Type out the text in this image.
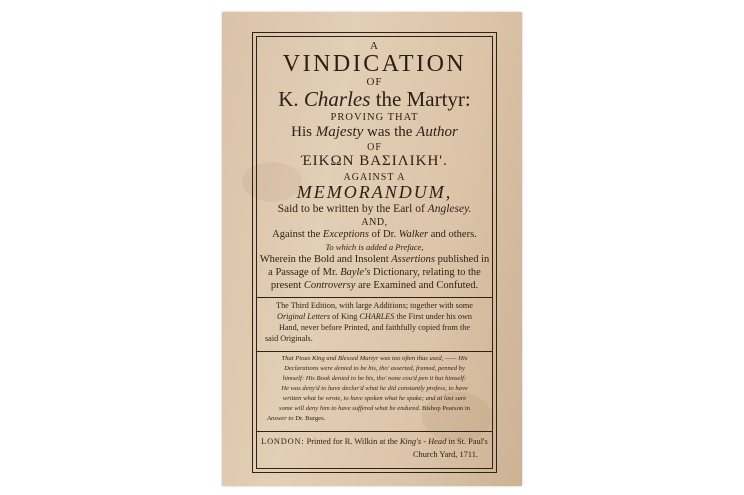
A
VINDICATION
OF
K. Charles the Martyr:
PROVING THAT
His Majesty was the Author
OF
ΈΙΚΩΝ ΒΑΣΙΛΙΚΗ'.
AGAINST A
MEMORANDUM,
Said to be written by the Earl of Anglesey.
AND,
Against the Exceptions of Dr. Walker and others.
To which is added a Preface,
Wherein the Bold and Insolent Assertions published in
a Passage of Mr. Bayle's Dictionary, relating to the
present Controversy are Examined and Confuted.
The Third Edition, with large Additions; together with some
Original Letters of King CHARLES the First under his own
Hand, never before Printed, and faithfully copied from the
said Originals.
That Pious King and Blessed Martyr was too often thus used, —— His
Declarations were denied to be his, tho' asserted, framed, penned by
himself: His Book denied to be his, tho' none cou'd pen it but himself:
He was deny'd to have declar'd what he did constantly profess, to have
written what he wrote, to have spoken what he spake; and at last sure
some will deny him to have suffered what he endured. Bishop Pearson in
Answer to Dr. Burges.
LONDON: Printed for R. Wilkin at the King's - Head in St. Paul's
Church Yard, 1711.
